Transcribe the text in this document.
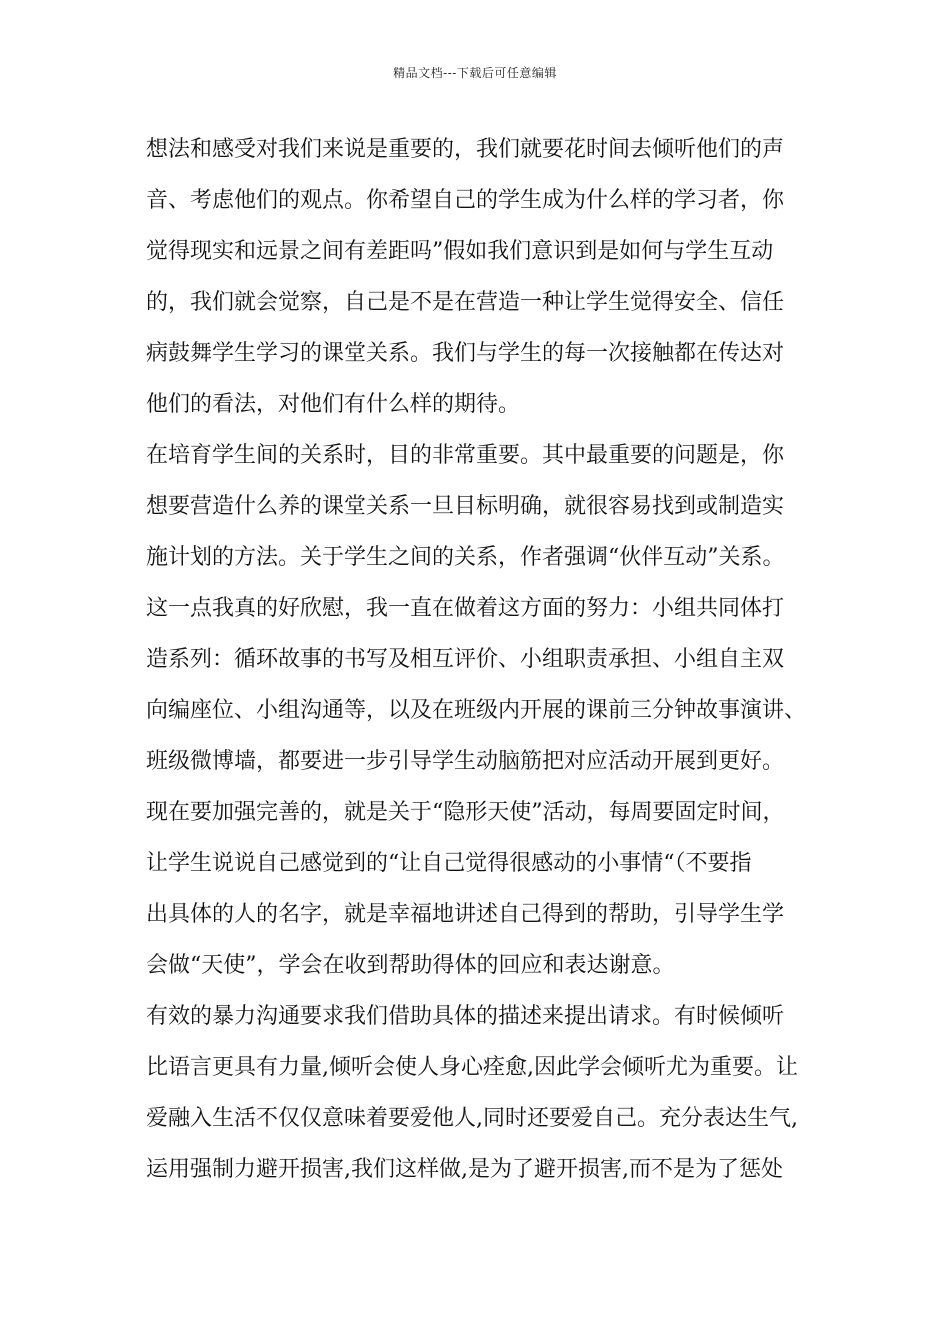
精品文档---下载后可任意编辑
想法和感受对我们来说是重要的，我们就要花时间去倾听他们的声
音、考虑他们的观点。你希望自己的学生成为什么样的学习者，你
觉得现实和远景之间有差距吗”假如我们意识到是如何与学生互动
的，我们就会觉察，自己是不是在营造一种让学生觉得安全、信任
病鼓舞学生学习的课堂关系。我们与学生的每一次接触都在传达对
他们的看法，对他们有什么样的期待。
在培育学生间的关系时，目的非常重要。其中最重要的问题是，你
想要营造什么养的课堂关系一旦目标明确，就很容易找到或制造实
施计划的方法。关于学生之间的关系，作者强调“伙伴互动”关系。
这一点我真的好欣慰，我一直在做着这方面的努力：小组共同体打
造系列：循环故事的书写及相互评价、小组职责承担、小组自主双
向编座位、小组沟通等，以及在班级内开展的课前三分钟故事演讲、
班级微博墙，都要进一步引导学生动脑筋把对应活动开展到更好。
现在要加强完善的，就是关于“隐形天使”活动，每周要固定时间，
让学生说说自己感觉到的“让自己觉得很感动的小事情“（不要指
出具体的人的名字，就是幸福地讲述自己得到的帮助，引导学生学
会做“天使”，学会在收到帮助得体的回应和表达谢意。
有效的暴力沟通要求我们借助具体的描述来提出请求。有时候倾听
比语言更具有力量,倾听会使人身心痊愈,因此学会倾听尤为重要。让
爱融入生活不仅仅意味着要爱他人,同时还要爱自己。充分表达生气,
运用强制力避开损害,我们这样做,是为了避开损害,而不是为了惩处
